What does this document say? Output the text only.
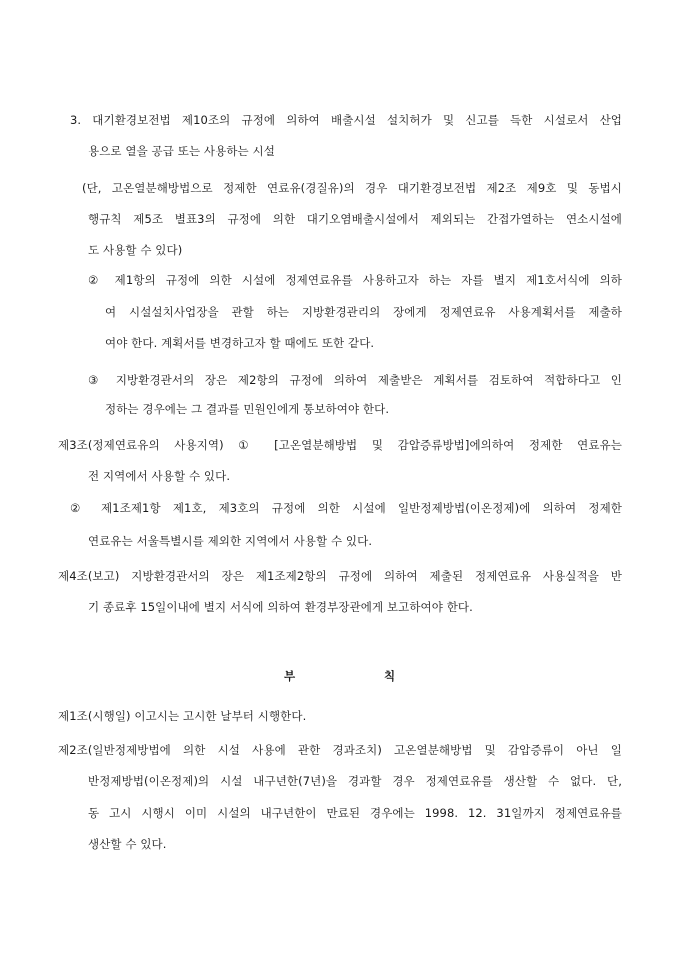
3. 대기환경보전법 제10조의 규정에 의하여 배출시설 설치허가 및 신고를 득한 시설로서 산업
용으로 열을 공급 또는 사용하는 시설
(단, 고온열분해방법으로 정제한 연료유(경질유)의 경우 대기환경보전법 제2조 제9호 및 동법시
행규칙 제5조 별표3의 규정에 의한 대기오염배출시설에서 제외되는 간접가열하는 연소시설에
도 사용할 수 있다)
② 제1항의 규정에 의한 시설에 정제연료유를 사용하고자 하는 자를 별지 제1호서식에 의하
여 시설설치사업장을 관할 하는 지방환경관리의 장에게 정제연료유 사용계획서를 제출하
여야 한다. 계획서를 변경하고자 할 때에도 또한 같다.
③ 지방환경관서의 장은 제2항의 규정에 의하여 제출받은 계획서를 검토하여 적합하다고 인
정하는 경우에는 그 결과를 민원인에게 통보하여야 한다.
제3조(정제연료유의 사용지역) ① [고온열분해방법 및 감압증류방법]에의하여 정제한 연료유는
전 지역에서 사용할 수 있다.
② 제1조제1항 제1호, 제3호의 규정에 의한 시설에 일반정제방법(이온정제)에 의하여 정제한
연료유는 서울특별시를 제외한 지역에서 사용할 수 있다.
제4조(보고) 지방환경관서의 장은 제1조제2항의 규정에 의하여 제출된 정제연료유 사용실적을 반
기 종료후 15일이내에 별지 서식에 의하여 환경부장관에게 보고하여야 한다.
부	칙
제1조(시행일) 이고시는 고시한 날부터 시행한다.
제2조(일반정제방법에 의한 시설 사용에 관한 경과조치) 고온열분해방법 및 감압증류이 아닌 일
반정제방법(이온정제)의 시설 내구년한(7년)을 경과할 경우 정제연료유를 생산할 수 없다. 단,
동 고시 시행시 이미 시설의 내구년한이 만료된 경우에는 1998. 12. 31일까지 정제연료유를
생산할 수 있다.
